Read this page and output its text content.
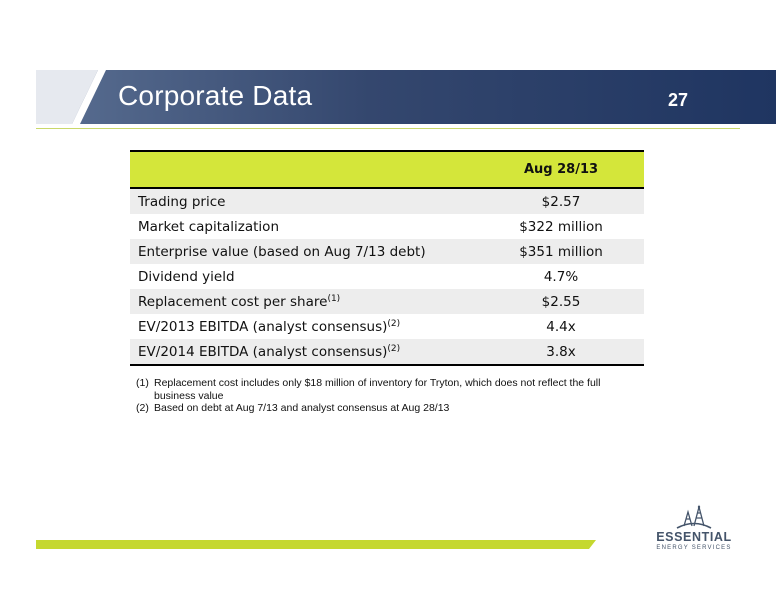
Corporate Data	27
	Aug 28/13
Trading price	$2.57
Market capitalization	$322 million
Enterprise value (based on Aug 7/13 debt)	$351 million
Dividend yield	4.7%
Replacement cost per share$^{(1)}$	$2.55
EV/2013 EBITDA (analyst consensus)$^{(2)}$	4.4x
EV/2014 EBITDA (analyst consensus)$^{(2)}$	3.8x
(1) Replacement cost includes only $18 million of inventory for Tryton, which does not reflect the full business value
(2) Based on debt at Aug 7/13 and analyst consensus at Aug 28/13
ESSENTIAL
ENERGY SERVICES
